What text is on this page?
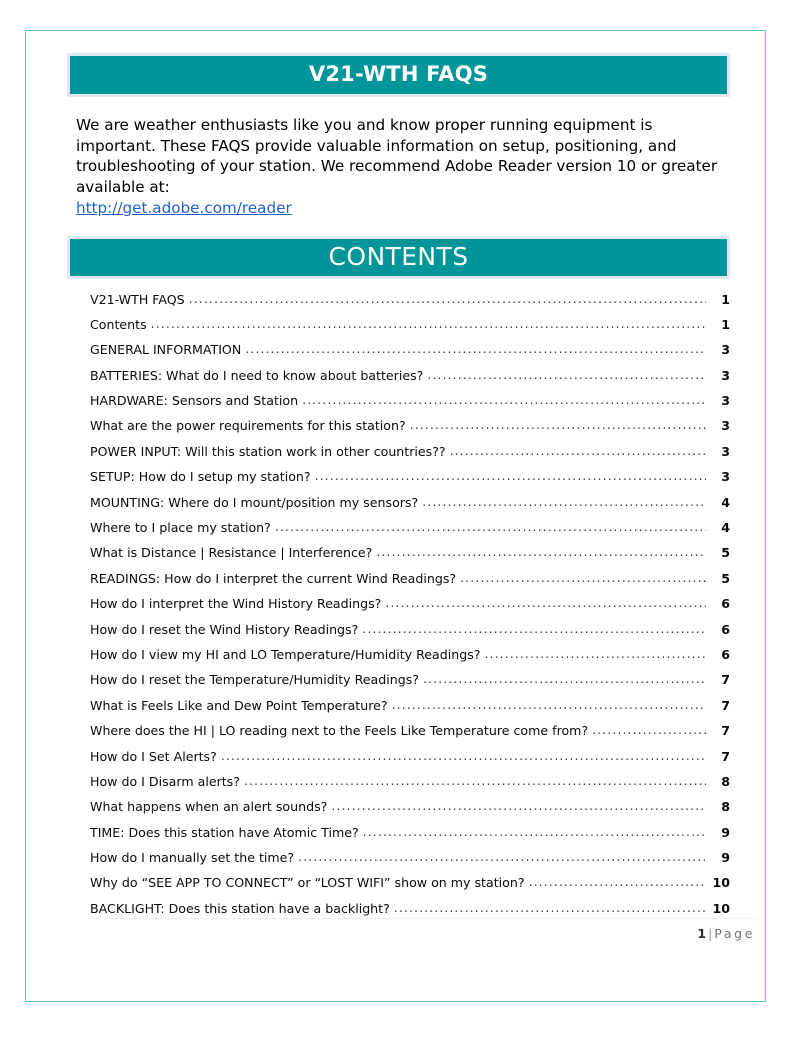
V21-WTH FAQS

We are weather enthusiasts like you and know proper running equipment is important. These FAQS provide valuable information on setup, positioning, and troubleshooting of your station. We recommend Adobe Reader version 10 or greater available at:
http://get.adobe.com/reader

CONTENTS
V21-WTH FAQS .....	1
Contents .....	1
GENERAL INFORMATION .....	3
BATTERIES: What do I need to know about batteries? .....	3
HARDWARE: Sensors and Station .....	3
What are the power requirements for this station? .....	3
POWER INPUT: Will this station work in other countries?? .....	3
SETUP: How do I setup my station? .....	3
MOUNTING: Where do I mount/position my sensors? .....	4
Where to I place my station? .....	4
What is Distance | Resistance | Interference? .....	5
READINGS: How do I interpret the current Wind Readings? .....	5
How do I interpret the Wind History Readings? .....	6
How do I reset the Wind History Readings? .....	6
How do I view my HI and LO Temperature/Humidity Readings? .....	6
How do I reset the Temperature/Humidity Readings? .....	7
What is Feels Like and Dew Point Temperature? .....	7
Where does the HI | LO reading next to the Feels Like Temperature come from? .....	7
How do I Set Alerts? .....	7
How do I Disarm alerts? .....	8
What happens when an alert sounds? .....	8
TIME: Does this station have Atomic Time? .....	9
How do I manually set the time? .....	9
Why do “SEE APP TO CONNECT” or “LOST WIFI” show on my station? .....	10
BACKLIGHT: Does this station have a backlight? .....	10
1 | Page
